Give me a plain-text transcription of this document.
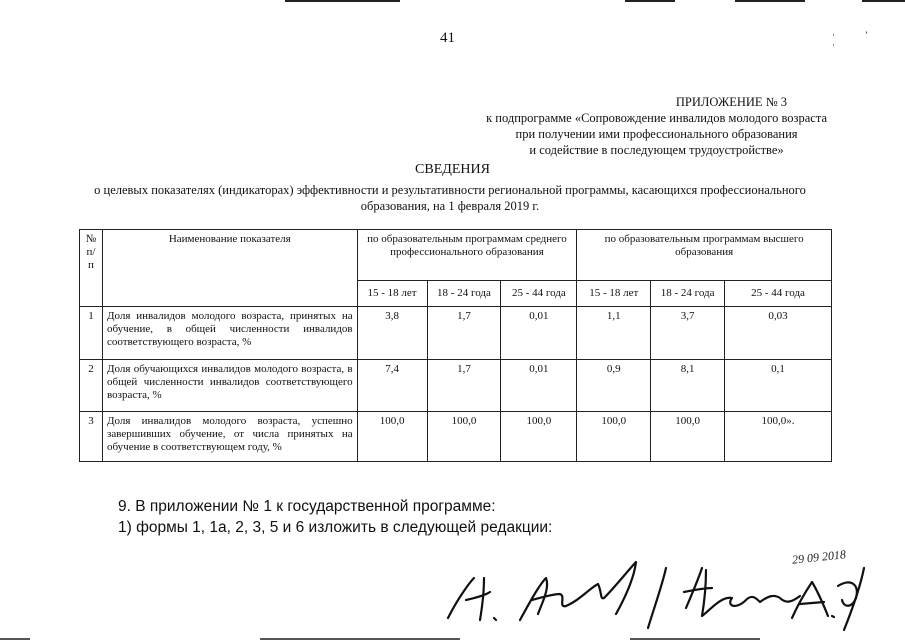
41	·’ ·
ПРИЛОЖЕНИЕ № 3
к подпрограмме «Сопровождение инвалидов молодого возраста
при получении ими профессионального образования
и содействие в последующем трудоустройстве»
СВЕДЕНИЯ
о целевых показателях (индикаторах) эффективности и результативности региональной программы, касающихся профессионального образования, на 1 февраля 2019 г.
№ п/п	Наименование показателя	по образовательным программам среднего профессионального образования			по образовательным программам высшего образования		
		15 - 18 лет	18 - 24 года	25 - 44 года	15 - 18 лет	18 - 24 года	25 - 44 года
1	Доля инвалидов молодого возраста, принятых на обучение, в общей численности инвалидов соответствующего возраста, %	3,8	1,7	0,01	1,1	3,7	0,03
2	Доля обучающихся инвалидов молодого возраста, в общей численности инвалидов соответствующего возраста, %	7,4	1,7	0,01	0,9	8,1	0,1
3	Доля инвалидов молодого возраста, успешно завершивших обучение, от числа принятых на обучение в соответствующем году, %	100,0	100,0	100,0	100,0	100,0	100,0».
9. В приложении № 1 к государственной программе:
1) формы 1, 1а, 2, 3, 5 и 6 изложить в следующей редакции:
29 09 2018
